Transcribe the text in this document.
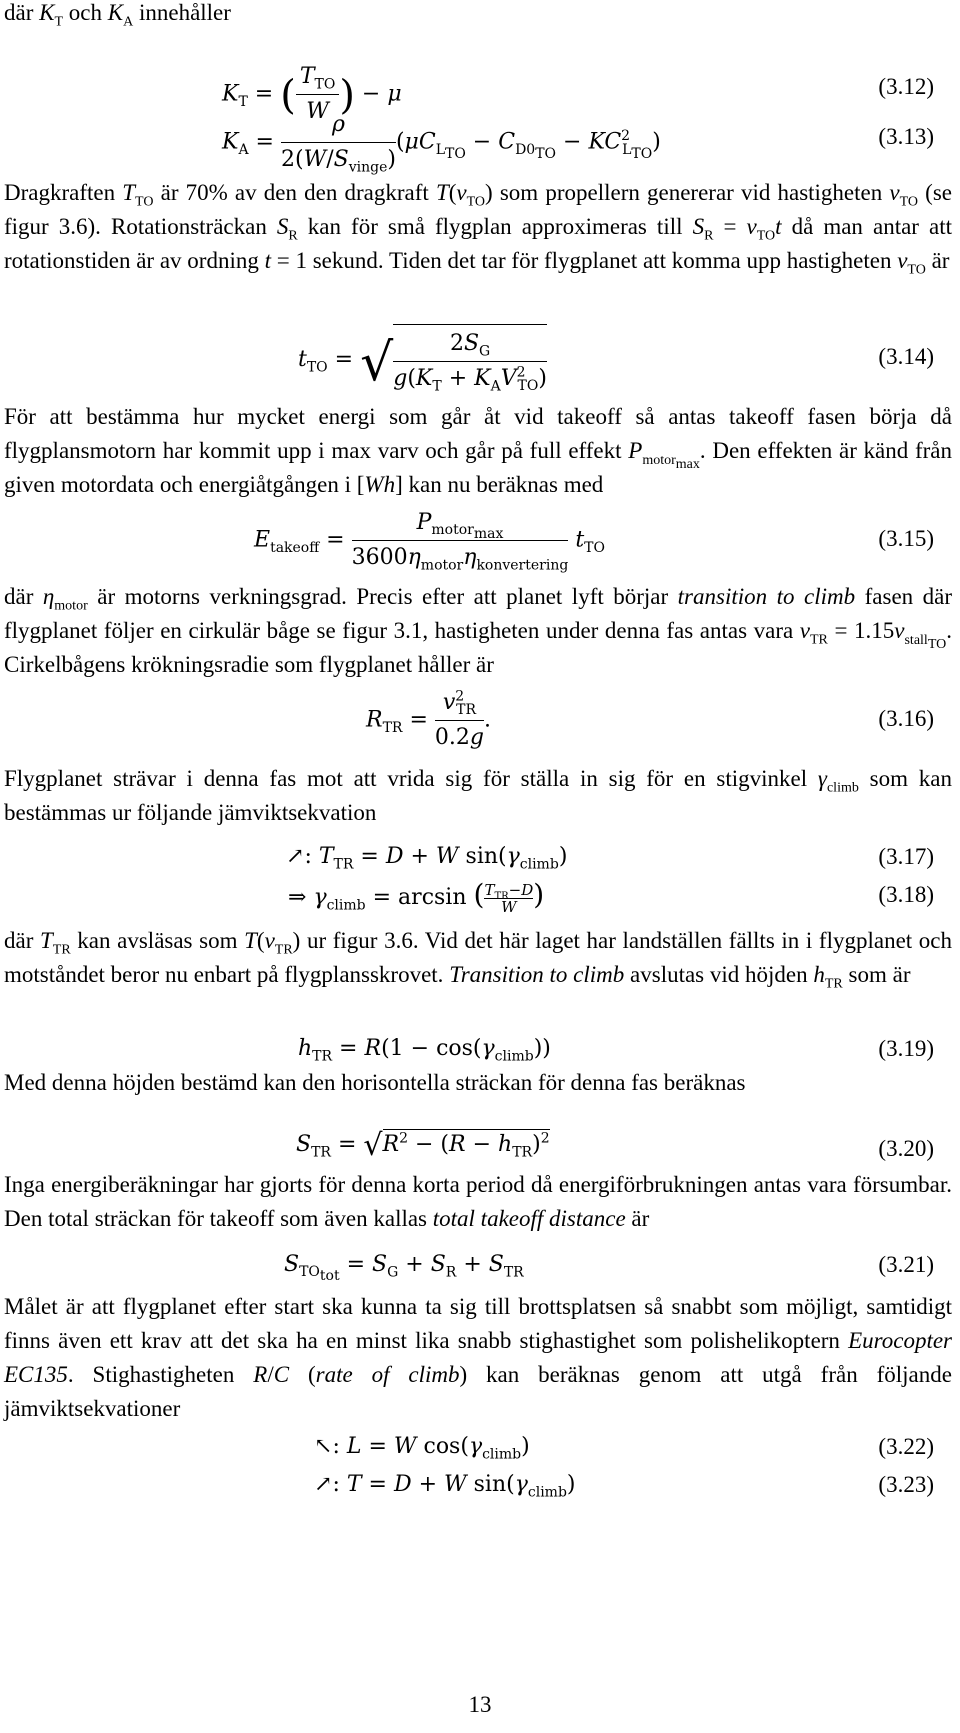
där $K_T$ och $K_A$ innehåller

$K_T$ = ( $T_{TO}$
W ) − μ	(3.12)
$K_A$ =
ρ
$2(W/S_{vinge})$
$(\mu C_{L_{TO}} - C_{D0_{TO}} - KC^2_{L_{TO}})$	(3.13)

Dragkraften $T_{TO}$ är 70% av den den dragkraft $T(v_{TO})$ som propellern genererar vid hastigheten $v_{TO}$ (se figur 3.6). Rotationsträckan $S_R$ kan för små flygplan approximeras till $S_R = v_{TO}t$ då man antar att rotationstiden är av ordning t = 1 sekund. Tiden det tar för flygplanet att komma upp hastigheten $v_{TO}$ är

$t_{TO}$ = √	$2S_G$
$g(K_T + K_AV^2_{TO})$
(3.14)

För att bestämma hur mycket energi som går åt vid takeoff så antas takeoff fasen börja då flygplansmotorn har kommit upp i max varv och går på full effekt $P_{motor_{max}}$. Den effekten är känd från given motordata och energiåtgången i [Wh] kan nu beräknas med

$E_{takeoff}$ =
$P_{motor_{max}}$
$3600\eta_{motor}\eta_{konvertering}$
$t_{TO}$	(3.15)

där $\eta_{motor}$ är motorns verkningsgrad. Precis efter att planet lyft börjar transition to climb fasen där flygplanet följer en cirkulär båge se figur 3.1, hastigheten under denna fas antas vara $v_{TR} = 1.15v_{stall_{TO}}$. Cirkelbågens krökningsradie som flygplanet håller är

$R_{TR} = \frac{v^2_{TR}}{0.2g}$ .	(3.16)

Flygplanet strävar i denna fas mot att vrida sig för ställa in sig för en stigvinkel $\gamma_{climb}$ som kan bestämmas ur följande jämviktsekvation

↗: $T_{TR} = D + W$ $\sin(\gamma_{climb})$	(3.17)
⇒ $\gamma_{climb} = \arcsin$ ( $T_{TR}-D$
W )	(3.18)

där $T_{TR}$ kan avsläsas som $T(v_{TR})$ ur figur 3.6. Vid det här laget har landställen fällts in i flygplanet och motståndet beror nu enbart på flygplansskrovet. Transition to climb avslutas vid höjden $h_{TR}$ som är

$h_{TR} = R(1 - \cos(\gamma_{climb}))$	(3.19)

Med denna höjden bestämd kan den horisontella sträckan för denna fas beräknas

$S_{TR} = √R^2 - (R - h_{TR})^2$	(3.20)

Inga energiberäkningar har gjorts för denna korta period då energiförbrukningen antas vara försumbar. Den total sträckan för takeoff som även kallas total takeoff distance är

$S_{TO_{tot}} = S_G + S_R + S_{TR}$	(3.21)

Målet är att flygplanet efter start ska kunna ta sig till brottsplatsen så snabbt som möjligt, samtidigt finns även ett krav att det ska ha en minst lika snabb stighastighet som polishelikoptern Eurocopter EC135. Stighastigheten R/C (rate of climb) kan beräknas genom att utgå från följande jämviktsekvationer

↖: L = W $\cos(\gamma_{climb})$	(3.22)
↗: T = D + W $\sin(\gamma_{climb})$	(3.23)
13
